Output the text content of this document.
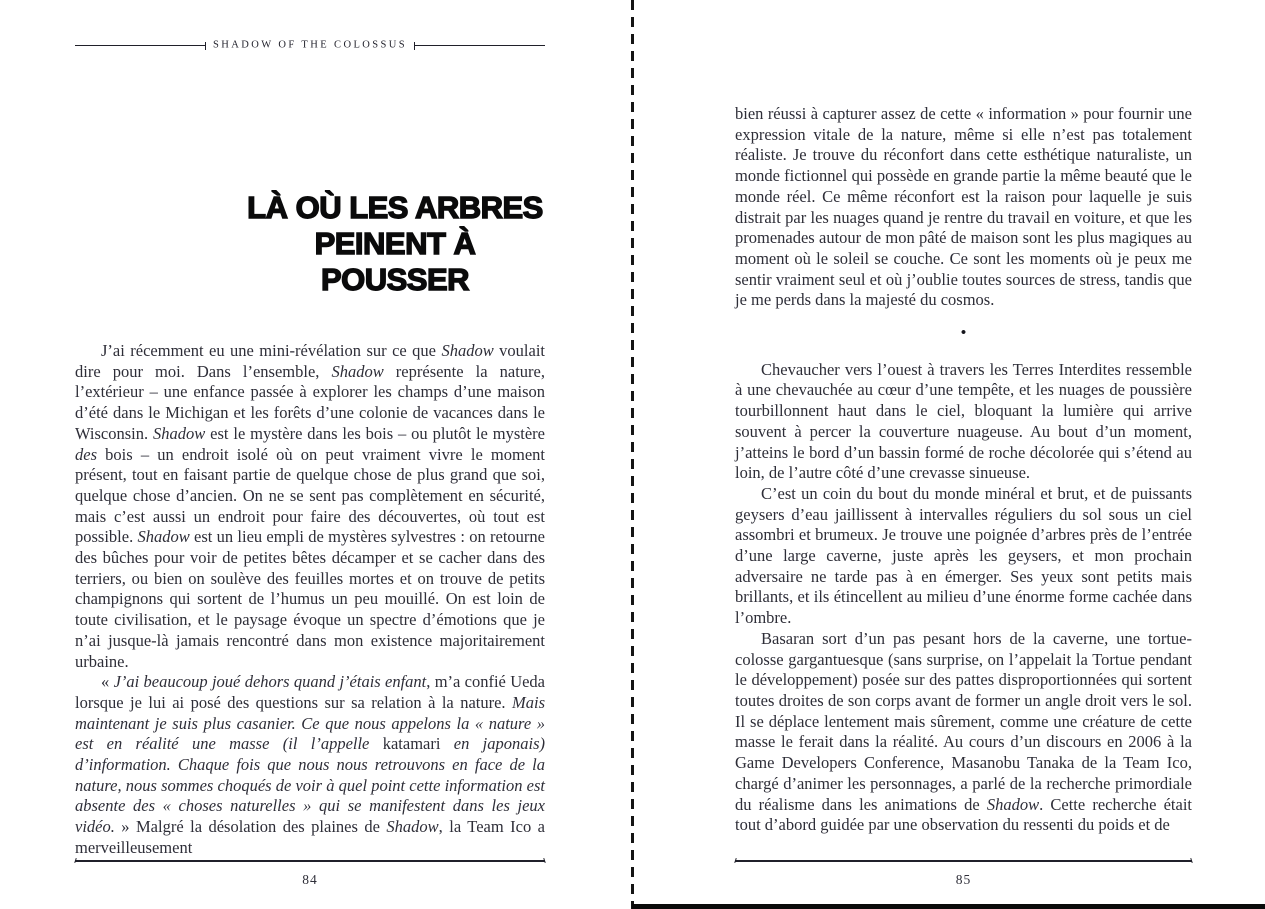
SHADOW OF THE COLOSSUS
LÀ OÙ LES ARBRES
PEINENT À POUSSER

J’ai récemment eu une mini-révélation sur ce que Shadow voulait dire pour moi. Dans l’ensemble, Shadow représente la nature, l’extérieur – une enfance passée à explorer les champs d’une maison d’été dans le Michigan et les forêts d’une colonie de vacances dans le Wisconsin. Shadow est le mystère dans les bois – ou plutôt le mystère des bois – un endroit isolé où on peut vraiment vivre le moment présent, tout en faisant partie de quelque chose de plus grand que soi, quelque chose d’ancien. On ne se sent pas complètement en sécurité, mais c’est aussi un endroit pour faire des découvertes, où tout est possible. Shadow est un lieu empli de mystères sylvestres : on retourne des bûches pour voir de petites bêtes décamper et se cacher dans des terriers, ou bien on soulève des feuilles mortes et on trouve de petits champignons qui sortent de l’humus un peu mouillé. On est loin de toute civilisation, et le paysage évoque un spectre d’émotions que je n’ai jusque-là jamais rencontré dans mon existence majoritairement urbaine.

« J’ai beaucoup joué dehors quand j’étais enfant, m’a confié Ueda lorsque je lui ai posé des questions sur sa relation à la nature. Mais maintenant je suis plus casanier. Ce que nous appelons la « nature » est en réalité une masse (il l’appelle katamari en japonais) d’information. Chaque fois que nous nous retrouvons en face de la nature, nous sommes choqués de voir à quel point cette information est absente des « choses naturelles » qui se manifestent dans les jeux vidéo. » Malgré la désolation des plaines de Shadow, la Team Ico a merveilleusement

84

bien réussi à capturer assez de cette « information » pour fournir une expression vitale de la nature, même si elle n’est pas totalement réaliste. Je trouve du réconfort dans cette esthétique naturaliste, un monde fictionnel qui possède en grande partie la même beauté que le monde réel. Ce même réconfort est la raison pour laquelle je suis distrait par les nuages quand je rentre du travail en voiture, et que les promenades autour de mon pâté de maison sont les plus magiques au moment où le soleil se couche. Ce sont les moments où je peux me sentir vraiment seul et où j’oublie toutes sources de stress, tandis que je me perds dans la majesté du cosmos.

•

Chevaucher vers l’ouest à travers les Terres Interdites ressemble à une chevauchée au cœur d’une tempête, et les nuages de poussière tourbillonnent haut dans le ciel, bloquant la lumière qui arrive souvent à percer la couverture nuageuse. Au bout d’un moment, j’atteins le bord d’un bassin formé de roche décolorée qui s’étend au loin, de l’autre côté d’une crevasse sinueuse.

C’est un coin du bout du monde minéral et brut, et de puissants geysers d’eau jaillissent à intervalles réguliers du sol sous un ciel assombri et brumeux. Je trouve une poignée d’arbres près de l’entrée d’une large caverne, juste après les geysers, et mon prochain adversaire ne tarde pas à en émerger. Ses yeux sont petits mais brillants, et ils étincellent au milieu d’une énorme forme cachée dans l’ombre.

Basaran sort d’un pas pesant hors de la caverne, une tortue-colosse gargantuesque (sans surprise, on l’appelait la Tortue pendant le développement) posée sur des pattes disproportionnées qui sortent toutes droites de son corps avant de former un angle droit vers le sol. Il se déplace lentement mais sûrement, comme une créature de cette masse le ferait dans la réalité. Au cours d’un discours en 2006 à la Game Developers Conference, Masanobu Tanaka de la Team Ico, chargé d’animer les personnages, a parlé de la recherche primordiale du réalisme dans les animations de Shadow. Cette recherche était tout d’abord guidée par une observation du ressenti du poids et de

85
